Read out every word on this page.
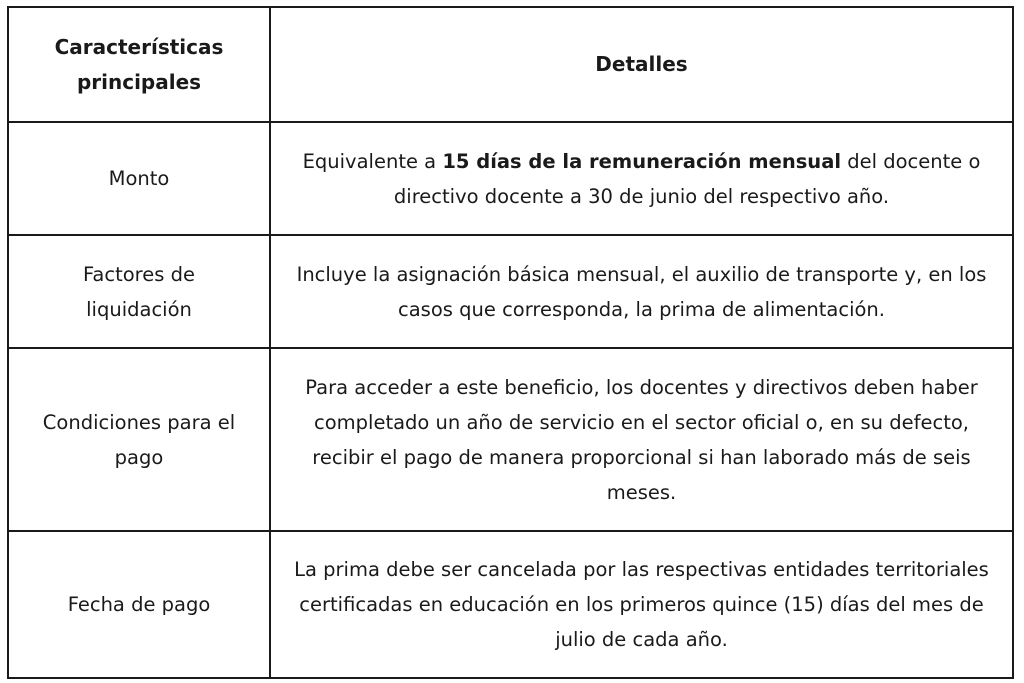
Características
principales	Detalles

Monto	Equivalente a 15 días de la remuneración mensual del docente o directivo docente a 30 de junio del respectivo año.

Factores de
liquidación	Incluye la asignación básica mensual, el auxilio de transporte y, en los casos que corresponda, la prima de alimentación.

Condiciones para el
pago	Para acceder a este beneficio, los docentes y directivos deben haber completado un año de servicio en el sector oficial o, en su defecto, recibir el pago de manera proporcional si han laborado más de seis meses.

Fecha de pago	La prima debe ser cancelada por las respectivas entidades territoriales certificadas en educación en los primeros quince (15) días del mes de julio de cada año.
